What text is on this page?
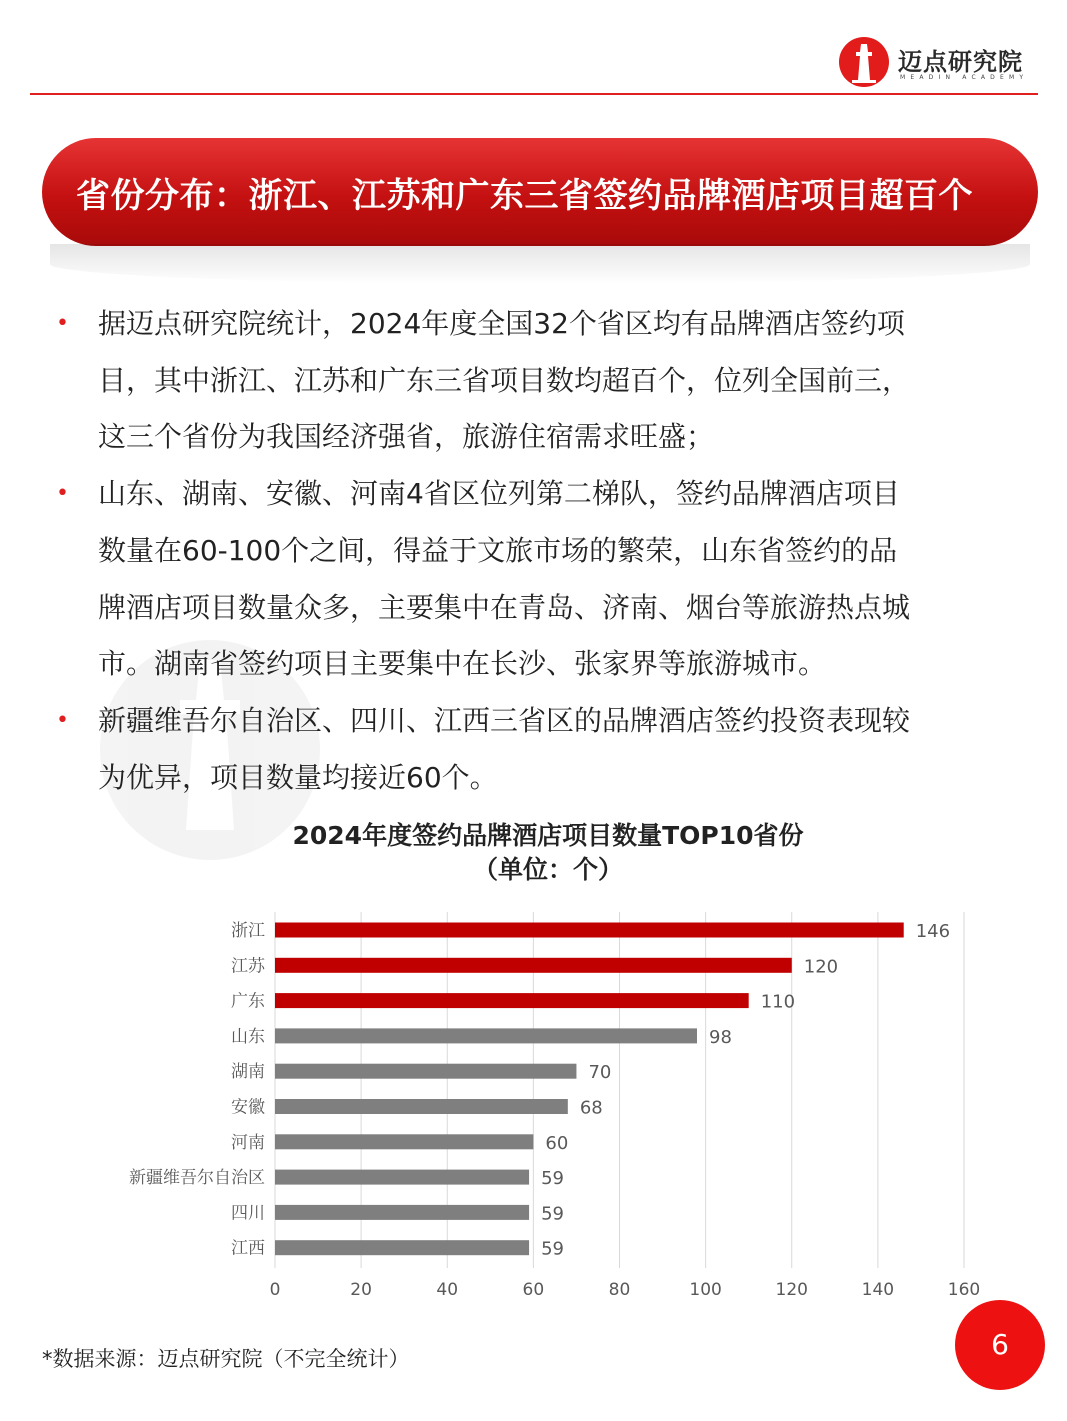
迈点研究院
MEADIN ACADEMY
省份分布：浙江、江苏和广东三省签约品牌酒店项目超百个
• 据迈点研究院统计，2024年度全国32个省区均有品牌酒店签约项
目，其中浙江、江苏和广东三省项目数均超百个，位列全国前三，
这三个省份为我国经济强省，旅游住宿需求旺盛；
• 山东、湖南、安徽、河南4省区位列第二梯队，签约品牌酒店项目
数量在60-100个之间，得益于文旅市场的繁荣，山东省签约的品
牌酒店项目数量众多，主要集中在青岛、济南、烟台等旅游热点城
市。湖南省签约项目主要集中在长沙、张家界等旅游城市。
• 新疆维吾尔自治区、四川、江西三省区的品牌酒店签约投资表现较
为优异，项目数量均接近60个。
2024年度签约品牌酒店项目数量TOP10省份
（单位：个）
0	20	40	60	80	100	120	140	160
浙江	146
江苏	120
广东	110
山东	98
湖南	70
安徽	68
河南	60
新疆维吾尔自治区	59
四川	59
江西	59
*数据来源：迈点研究院（不完全统计）	6
